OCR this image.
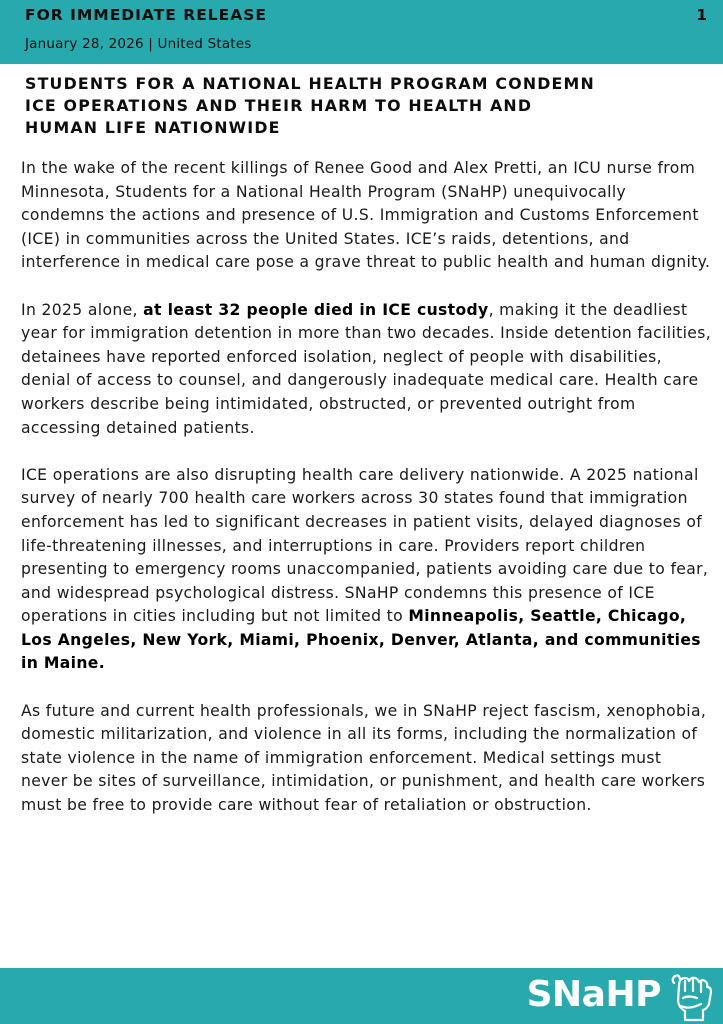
FOR IMMEDIATE RELEASE	1
January 28, 2026 | United States
STUDENTS FOR A NATIONAL HEALTH PROGRAM CONDEMN
ICE OPERATIONS AND THEIR HARM TO HEALTH AND
HUMAN LIFE NATIONWIDE

In the wake of the recent killings of Renee Good and Alex Pretti, an ICU nurse from Minnesota, Students for a National Health Program (SNaHP) unequivocally condemns the actions and presence of U.S. Immigration and Customs Enforcement (ICE) in communities across the United States. ICE’s raids, detentions, and interference in medical care pose a grave threat to public health and human dignity.

In 2025 alone, at least 32 people died in ICE custody, making it the deadliest year for immigration detention in more than two decades. Inside detention facilities, detainees have reported enforced isolation, neglect of people with disabilities, denial of access to counsel, and dangerously inadequate medical care. Health care workers describe being intimidated, obstructed, or prevented outright from accessing detained patients.

ICE operations are also disrupting health care delivery nationwide. A 2025 national survey of nearly 700 health care workers across 30 states found that immigration enforcement has led to significant decreases in patient visits, delayed diagnoses of life-threatening illnesses, and interruptions in care. Providers report children presenting to emergency rooms unaccompanied, patients avoiding care due to fear, and widespread psychological distress. SNaHP condemns this presence of ICE operations in cities including but not limited to Minneapolis, Seattle, Chicago, Los Angeles, New York, Miami, Phoenix, Denver, Atlanta, and communities in Maine.

As future and current health professionals, we in SNaHP reject fascism, xenophobia, domestic militarization, and violence in all its forms, including the normalization of state violence in the name of immigration enforcement. Medical settings must never be sites of surveillance, intimidation, or punishment, and health care workers must be free to provide care without fear of retaliation or obstruction.

SNaHP
